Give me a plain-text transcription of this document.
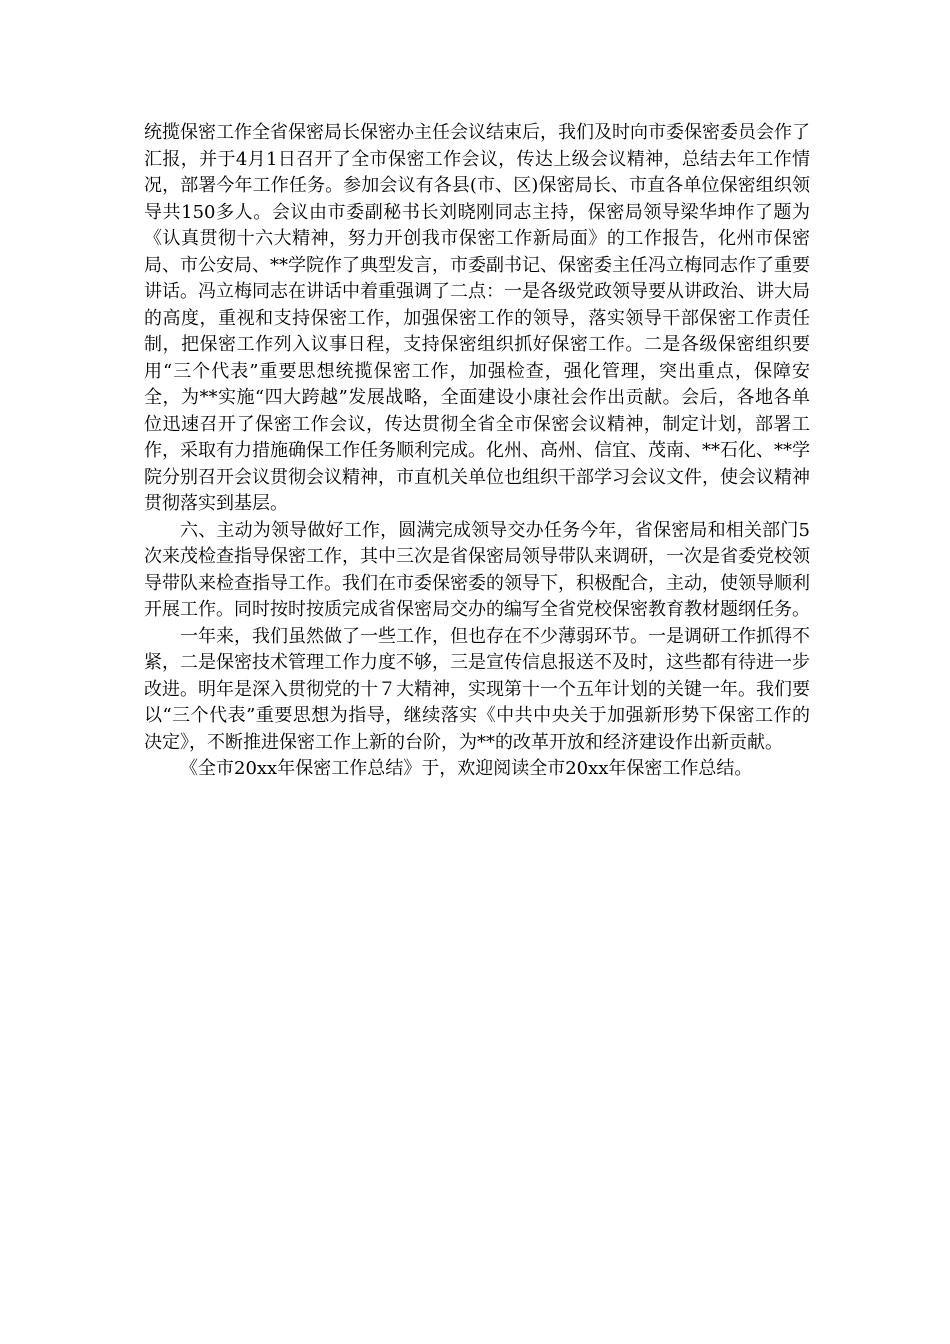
统揽保密工作全省保密局长保密办主任会议结束后，我们及时向市委保密委员会作了汇报，并于4月1日召开了全市保密工作会议，传达上级会议精神，总结去年工作情况，部署今年工作任务。参加会议有各县(市、区)保密局长、市直各单位保密组织领导共150多人。会议由市委副秘书长刘晓刚同志主持，保密局领导梁华坤作了题为《认真贯彻十六大精神，努力开创我市保密工作新局面》的工作报告，化州市保密局、市公安局、**学院作了典型发言，市委副书记、保密委主任冯立梅同志作了重要讲话。冯立梅同志在讲话中着重强调了二点：一是各级党政领导要从讲政治、讲大局的高度，重视和支持保密工作，加强保密工作的领导，落实领导干部保密工作责任制，把保密工作列入议事日程，支持保密组织抓好保密工作。二是各级保密组织要用“三个代表”重要思想统揽保密工作，加强检查，强化管理，突出重点，保障安全，为**实施“四大跨越”发展战略，全面建设小康社会作出贡献。会后，各地各单位迅速召开了保密工作会议，传达贯彻全省全市保密会议精神，制定计划，部署工作，采取有力措施确保工作任务顺利完成。化州、高州、信宜、茂南、**石化、**学院分别召开会议贯彻会议精神，市直机关单位也组织干部学习会议文件，使会议精神贯彻落实到基层。

六、主动为领导做好工作，圆满完成领导交办任务今年，省保密局和相关部门5次来茂检查指导保密工作，其中三次是省保密局领导带队来调研，一次是省委党校领导带队来检查指导工作。我们在市委保密委的领导下，积极配合，主动，使领导顺利开展工作。同时按时按质完成省保密局交办的编写全省党校保密教育教材题纲任务。

一年来，我们虽然做了一些工作，但也存在不少薄弱环节。一是调研工作抓得不紧，二是保密技术管理工作力度不够，三是宣传信息报送不及时，这些都有待进一步改进。明年是深入贯彻党的十７大精神，实现第十一个五年计划的关键一年。我们要以“三个代表”重要思想为指导，继续落实《中共中央关于加强新形势下保密工作的决定》，不断推进保密工作上新的台阶，为**的改革开放和经济建设作出新贡献。

《全市20xx年保密工作总结》于，欢迎阅读全市20xx年保密工作总结。
